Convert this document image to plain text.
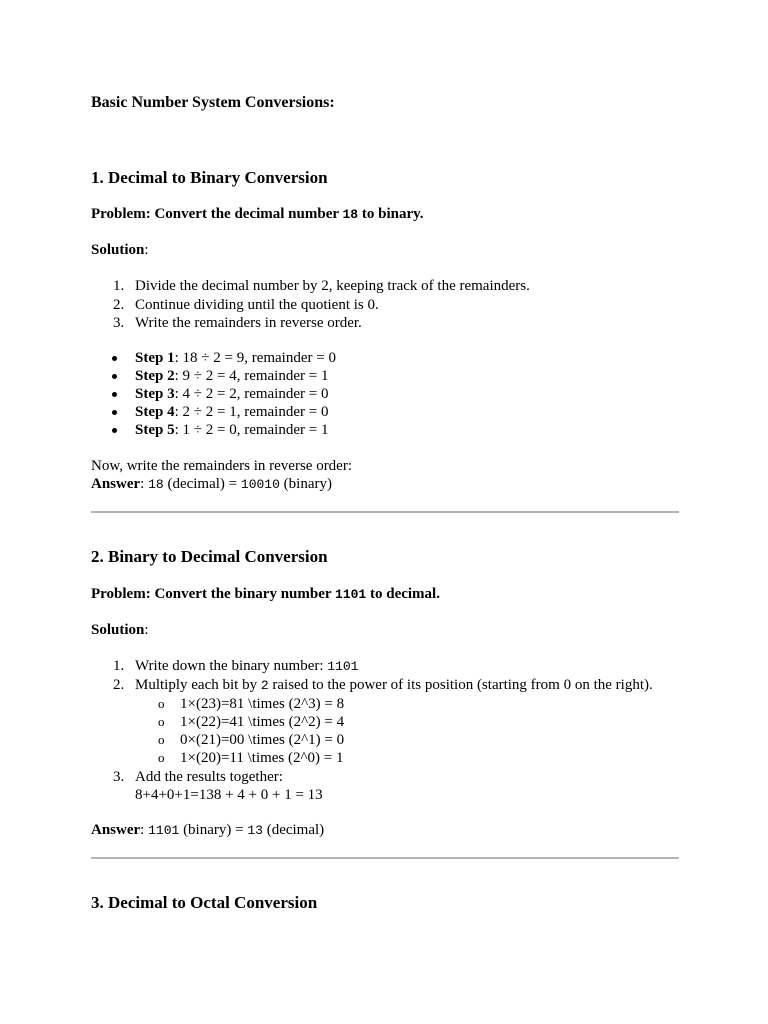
Basic Number System Conversions:
1. Decimal to Binary Conversion

Problem: Convert the decimal number 18 to binary.

Solution:

1. Divide the decimal number by 2, keeping track of the remainders.
2. Continue dividing until the quotient is 0.
3. Write the remainders in reverse order.
Step 1: 18 ÷ 2 = 9, remainder = 0
Step 2: 9 ÷ 2 = 4, remainder = 1
Step 3: 4 ÷ 2 = 2, remainder = 0
Step 4: 2 ÷ 2 = 1, remainder = 0
Step 5: 1 ÷ 2 = 0, remainder = 1

Now, write the remainders in reverse order:

Answer: 18 (decimal) = 10010 (binary)

2. Binary to Decimal Conversion

Problem: Convert the binary number 1101 to decimal.

Solution:

1. Write down the binary number: 1101
2. Multiply each bit by 2 raised to the power of its position (starting from 0 on the right).
o 1×(23)=81 \times (2^3) = 8
o 1×(22)=41 \times (2^2) = 4
o 0×(21)=00 \times (2^1) = 0
o 1×(20)=11 \times (2^0) = 1
3. Add the results together:
8+4+0+1=138 + 4 + 0 + 1 = 13

Answer: 1101 (binary) = 13 (decimal)

3. Decimal to Octal Conversion
